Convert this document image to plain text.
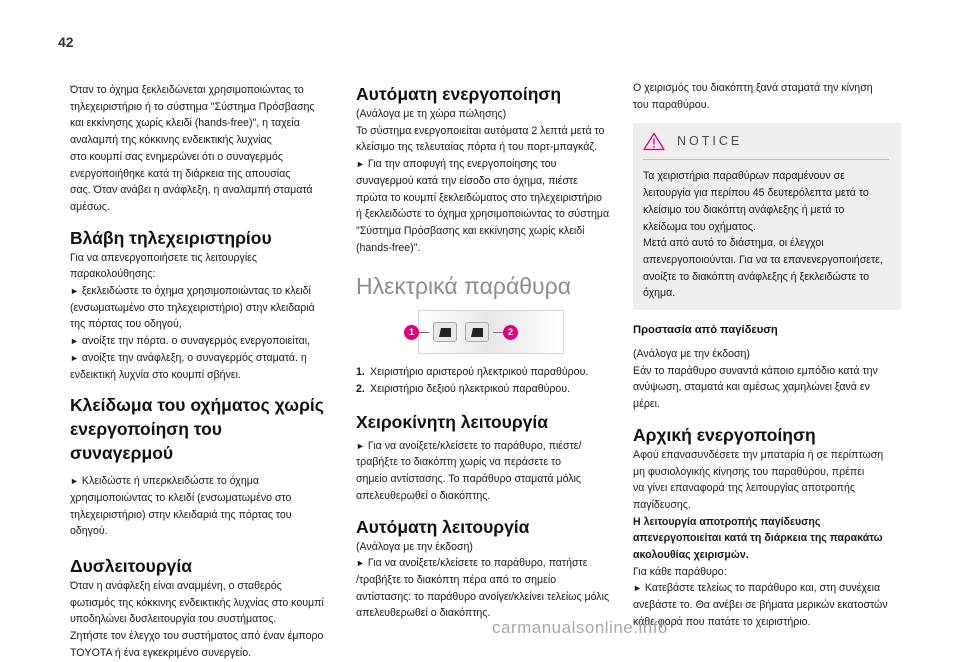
42

Όταν το όχημα ξεκλειδώνεται χρησιμοποιώντας το
τηλεχειριστήριο ή το σύστημα "Σύστημα Πρόσβασης
και εκκίνησης χωρίς κλειδί (hands-free)", η ταχεία
αναλαμπή της κόκκινης ενδεικτικής λυχνίας
στο κουμπί σας ενημερώνει ότι ο συναγερμός
ενεργοποιήθηκε κατά τη διάρκεια της απουσίας
σας. Όταν ανάβει η ανάφλεξη, η αναλαμπή σταματά
αμέσως.

Βλάβη τηλεχειριστηρίου

Για να απενεργοποιήσετε τις λειτουργίες
παρακολούθησης:
► ξεκλειδώστε το όχημα χρησιμοποιώντας το κλειδί
(ενσωματωμένο στο τηλεχειριστήριο) στην κλειδαριά
της πόρτας του οδηγού,
► ανοίξτε την πόρτα. ο συναγερμός ενεργοποιείται,
► ανοίξτε την ανάφλεξη, ο συναγερμός σταματά. η
ενδεικτική λυχνία στο κουμπί σβήνει.

Κλείδωμα του οχήματος χωρίς
ενεργοποίηση του συναγερμού

► Κλειδώστε ή υπερκλειδώστε το όχημα
χρησιμοποιώντας το κλειδί (ενσωματωμένο στο
τηλεχειριστήριο) στην κλειδαριά της πόρτας του
οδηγού.

Δυσλειτουργία

Όταν η ανάφλεξη είναι αναμμένη, ο σταθερός
φωτισμός της κόκκινης ενδεικτικής λυχνίας στο κουμπί
υποδηλώνει δυσλειτουργία του συστήματος.
Ζητήστε τον έλεγχο του συστήματος από έναν έμπορο
TOYOTA ή ένα εγκεκριμένο συνεργείο.

Αυτόματη ενεργοποίηση

(Ανάλογα με τη χώρα πώλησης)
Το σύστημα ενεργοποιείται αυτόματα 2 λεπτά μετά το
κλείσιμο της τελευταίας πόρτα ή του πορτ-μπαγκάζ.
► Για την αποφυγή της ενεργοποίησης του
συναγερμού κατά την είσοδο στο όχημα, πιέστε
πρώτα το κουμπί ξεκλειδώματος στο τηλεχειριστήριο
ή ξεκλειδώστε το όχημα χρησιμοποιώντας το σύστημα
"Σύστημα Πρόσβασης και εκκίνησης χωρίς κλειδί
(hands-free)".

Ηλεκτρικά παράθυρα
1	2
1. Χειριστήριο αριστερού ηλεκτρικού παραθύρου.
2. Χειριστήριο δεξιού ηλεκτρικού παραθύρου.
Χειροκίνητη λειτουργία

► Για να ανοίξετε/κλείσετε το παράθυρο, πιέστε/
τραβήξτε το διακόπτη χωρίς να περάσετε το
σημείο αντίστασης. Το παράθυρο σταματά μόλις
απελευθερωθεί ο διακόπτης.

Αυτόματη λειτουργία

(Ανάλογα με την έκδοση)
► Για να ανοίξετε/κλείσετε το παράθυρο, πατήστε
/τραβήξτε το διακόπτη πέρα από το σημείο
αντίστασης: το παράθυρο ανοίγει/κλείνει τελείως μόλις
απελευθερωθεί ο διακόπτης.

Ο χειρισμός του διακόπτη ξανά σταματά την κίνηση
του παραθύρου.

NOTICE

Τα χειριστήρια παραθύρων παραμένουν σε
λειτουργία για περίπου 45 δευτερόλεπτα μετά το
κλείσιμο του διακόπτη ανάφλεξης ή μετά το
κλείδωμα του οχήματος.
Μετά από αυτό το διάστημα, οι έλεγχοι
απενεργοποιούνται. Για να τα επανενεργοποιήσετε,
ανοίξτε το διακόπτη ανάφλεξης ή ξεκλειδώστε το
όχημα.

Προστασία από παγίδευση

(Ανάλογα με την έκδοση)
Εάν το παράθυρο συναντά κάποιο εμπόδιο κατά την
ανύψωση, σταματά και αμέσως χαμηλώνει ξανά εν
μέρει.

Αρχική ενεργοποίηση

Αφού επανασυνδέσετε την μπαταρία ή σε περίπτωση
μη φυσιολογικής κίνησης του παραθύρου, πρέπει
να γίνει επαναφορά της λειτουργίας αποτροπής
παγίδευσης.
Η λειτουργία αποτροπής παγίδευσης
απενεργοποιείται κατά τη διάρκεια της παρακάτω
ακολουθίας χειρισμών.
Για κάθε παράθυρο:
► Κατεβάστε τελείως το παράθυρο και, στη συνέχεια
ανεβάστε το. Θα ανέβει σε βήματα μερικών εκατοστών
κάθε φορά που πατάτε το χειριστήριο.

carmanualsonline.info
